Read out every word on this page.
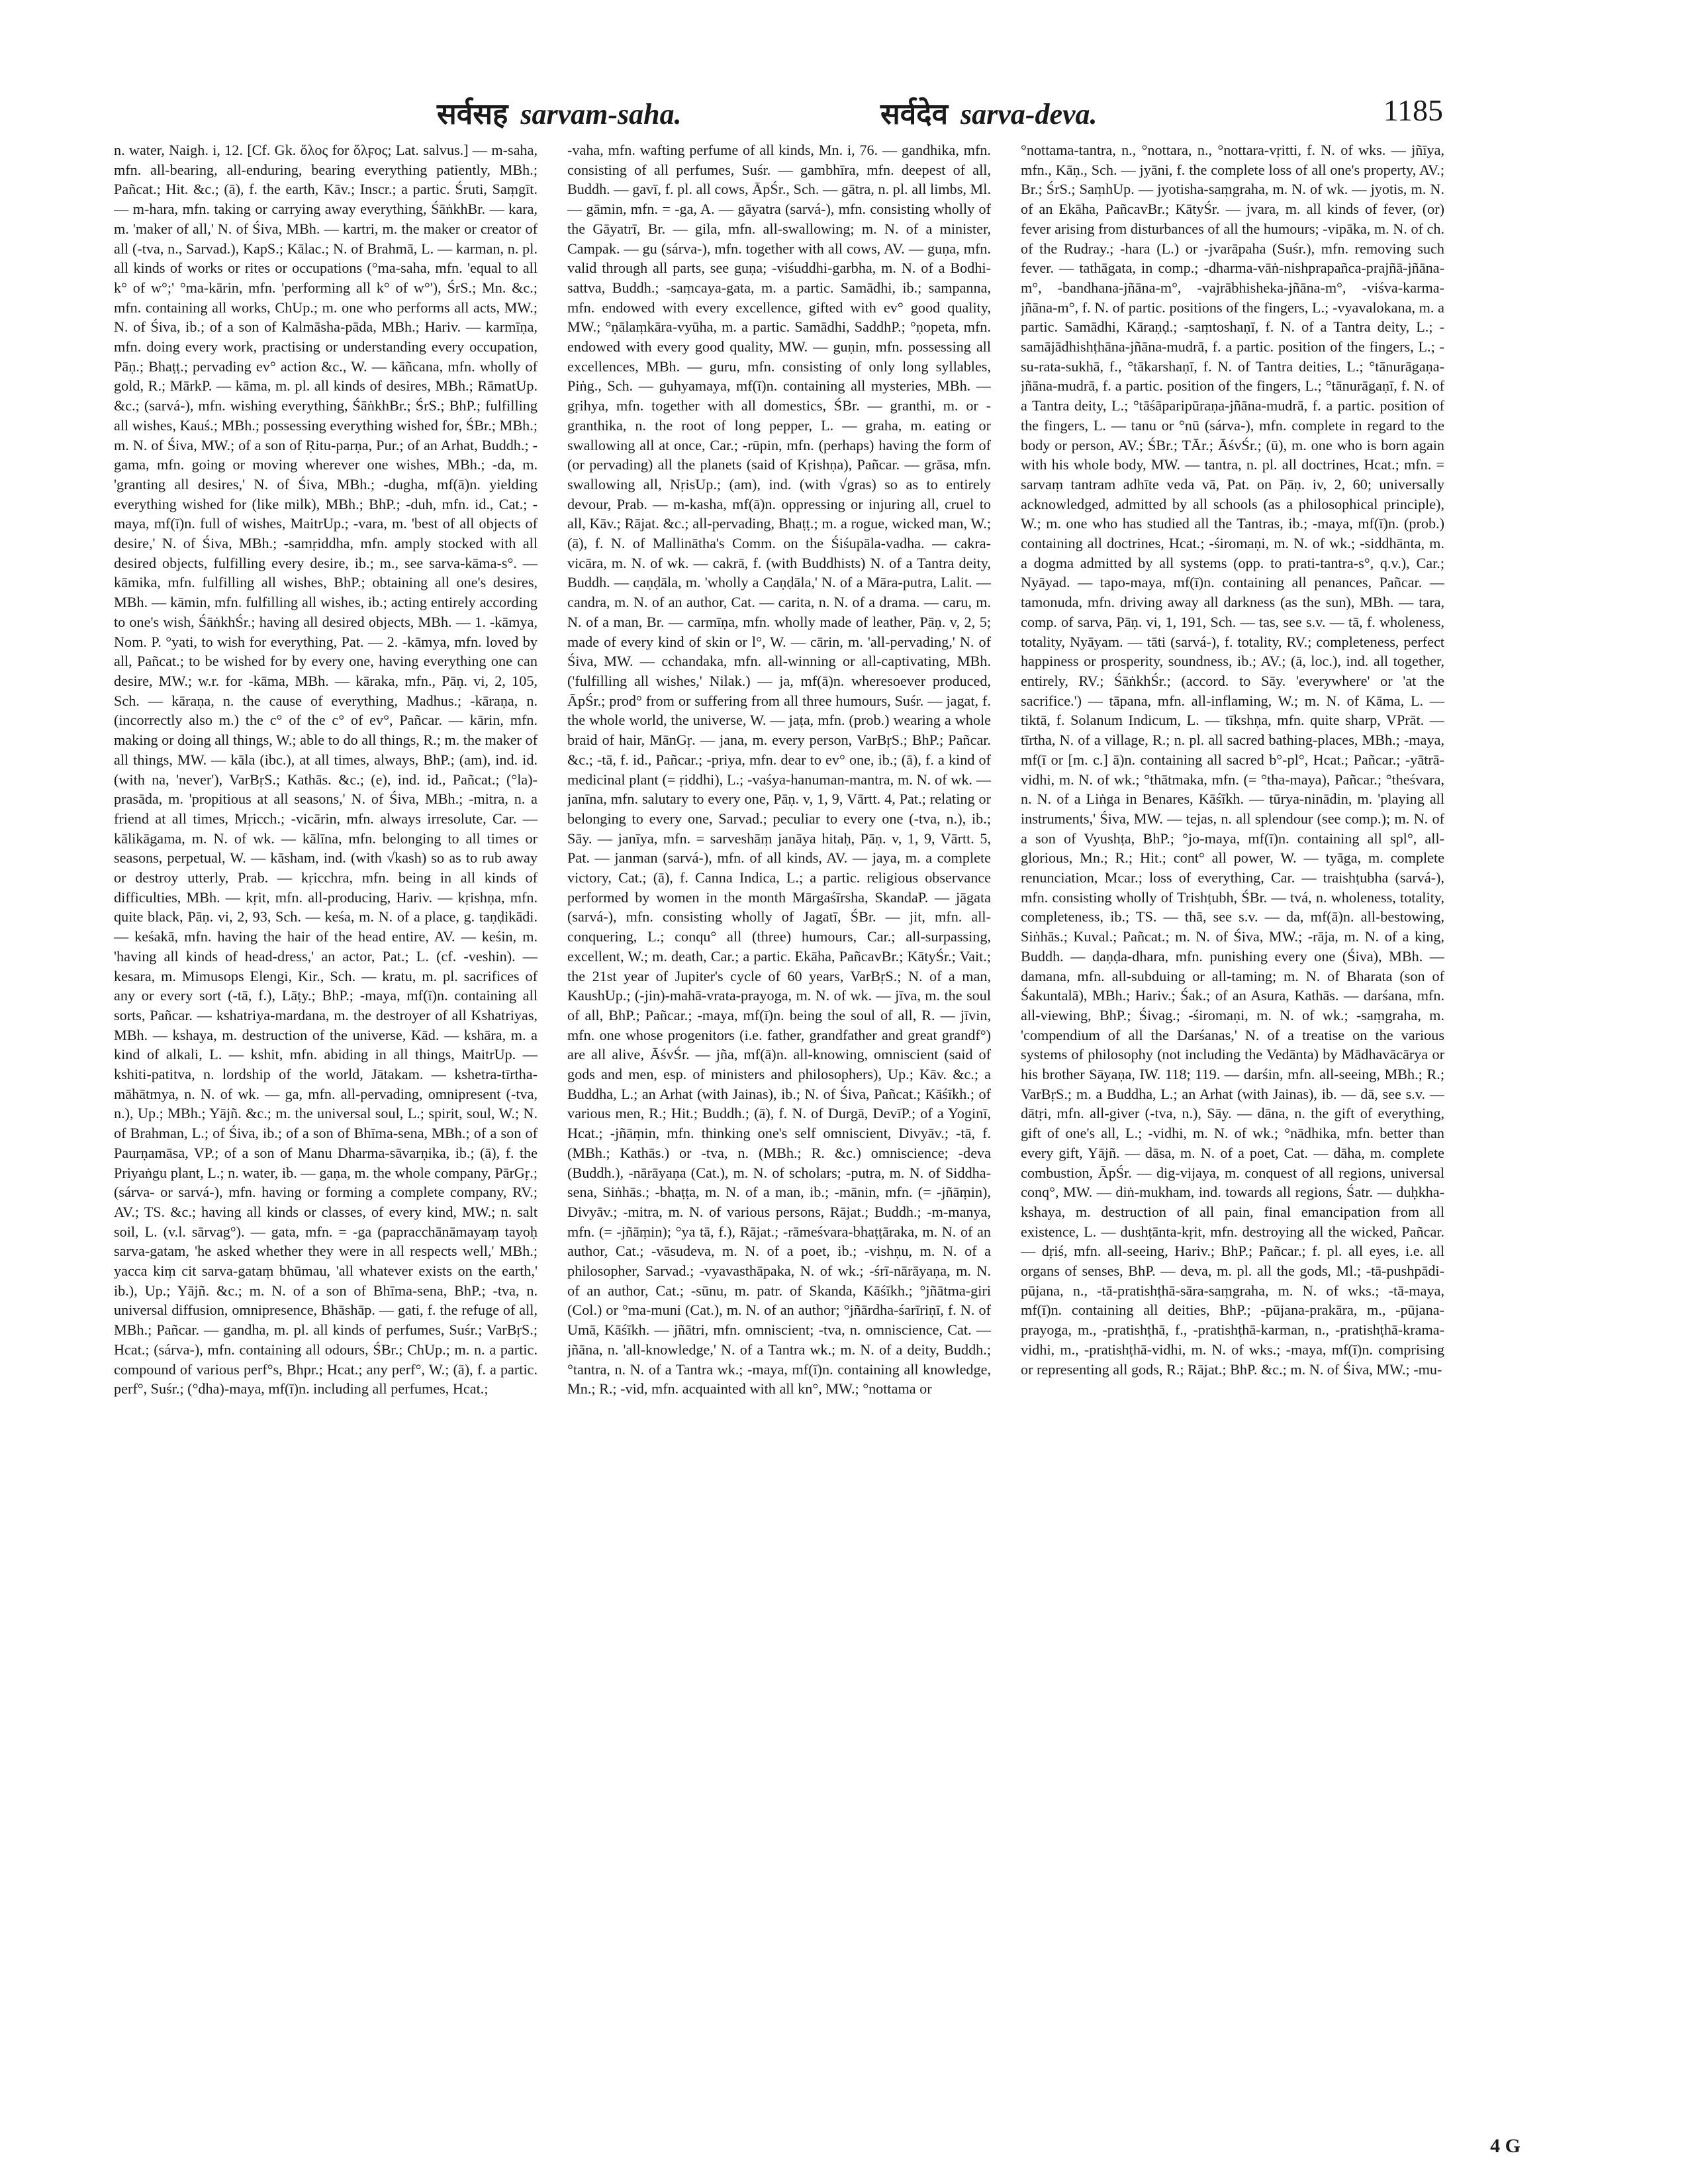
सर्वसह sarvam-saha.	सर्वदेव sarva-deva.	1185

n. water, Naigh. i, 12. [Cf. Gk. ὅλος for ὅλϝος; Lat. salvus.] — m-saha, mfn. all-bearing, all-enduring, bearing everything patiently, MBh.; Pañcat.; Hit. &c.; (ā), f. the earth, Kāv.; Inscr.; a partic. Śruti, Saṃgīt. — m-hara, mfn. taking or carrying away everything, ŚāṅkhBr. — kara, m. 'maker of all,' N. of Śiva, MBh. — kartri, m. the maker or creator of all (-tva, n., Sarvad.), KapS.; Kālac.; N. of Brahmā, L. — karman, n. pl. all kinds of works or rites or occupations (°ma-saha, mfn. 'equal to all k° of w°;' °ma-kārin, mfn. 'performing all k° of w°'), ŚrS.; Mn. &c.; mfn. containing all works, ChUp.; m. one who performs all acts, MW.; N. of Śiva, ib.; of a son of Kalmāsha-pāda, MBh.; Hariv. — karmīṇa, mfn. doing every work, practising or understanding every occupation, Pāṇ.; Bhaṭṭ.; pervading ev° action &c., W. — kāñcana, mfn. wholly of gold, R.; MārkP. — kāma, m. pl. all kinds of desires, MBh.; RāmatUp. &c.; (sarvá-), mfn. wishing everything, ŚāṅkhBr.; ŚrS.; BhP.; fulfilling all wishes, Kauś.; MBh.; possessing everything wished for, ŚBr.; MBh.; m. N. of Śiva, MW.; of a son of Ṛitu-parṇa, Pur.; of an Arhat, Buddh.; -gama, mfn. going or moving wherever one wishes, MBh.; -da, m. 'granting all desires,' N. of Śiva, MBh.; -dugha, mf(ā)n. yielding everything wished for (like milk), MBh.; BhP.; -duh, mfn. id., Cat.; -maya, mf(ī)n. full of wishes, MaitrUp.; -vara, m. 'best of all objects of desire,' N. of Śiva, MBh.; -samṛiddha, mfn. amply stocked with all desired objects, fulfilling every desire, ib.; m., see sarva-kāma-s°. — kāmika, mfn. fulfilling all wishes, BhP.; obtaining all one's desires, MBh. — kāmin, mfn. fulfilling all wishes, ib.; acting entirely according to one's wish, ŚāṅkhŚr.; having all desired objects, MBh. — 1. -kāmya, Nom. P. °yati, to wish for everything, Pat. — 2. -kāmya, mfn. loved by all, Pañcat.; to be wished for by every one, having everything one can desire, MW.; w.r. for -kāma, MBh. — kāraka, mfn., Pāṇ. vi, 2, 105, Sch. — kāraṇa, n. the cause of everything, Madhus.; -kāraṇa, n. (incorrectly also m.) the c° of the c° of ev°, Pañcar. — kārin, mfn. making or doing all things, W.; able to do all things, R.; m. the maker of all things, MW. — kāla (ibc.), at all times, always, BhP.; (am), ind. id. (with na, 'never'), VarBṛS.; Kathās. &c.; (e), ind. id., Pañcat.; (°la)-prasāda, m. 'propitious at all seasons,' N. of Śiva, MBh.; -mitra, n. a friend at all times, Mṛicch.; -vicārin, mfn. always irresolute, Car. — kālikāgama, m. N. of wk. — kālīna, mfn. belonging to all times or seasons, perpetual, W. — kāsham, ind. (with √kash) so as to rub away or destroy utterly, Prab. — kṛicchra, mfn. being in all kinds of difficulties, MBh. — kṛit, mfn. all-producing, Hariv. — kṛishṇa, mfn. quite black, Pāṇ. vi, 2, 93, Sch. — keśa, m. N. of a place, g. taṇḍikādi. — keśakā, mfn. having the hair of the head entire, AV. — keśin, m. 'having all kinds of head-dress,' an actor, Pat.; L. (cf. -veshin). — kesara, m. Mimusops Elengi, Kir., Sch. — kratu, m. pl. sacrifices of any or every sort (-tā, f.), Lāṭy.; BhP.; -maya, mf(ī)n. containing all sorts, Pañcar. — kshatriya-mardana, m. the destroyer of all Kshatriyas, MBh. — kshaya, m. destruction of the universe, Kād. — kshāra, m. a kind of alkali, L. — kshit, mfn. abiding in all things, MaitrUp. — kshiti-patitva, n. lordship of the world, Jātakam. — kshetra-tīrtha-māhātmya, n. N. of wk. — ga, mfn. all-pervading, omnipresent (-tva, n.), Up.; MBh.; Yājñ. &c.; m. the universal soul, L.; spirit, soul, W.; N. of Brahman, L.; of Śiva, ib.; of a son of Bhīma-sena, MBh.; of a son of Paurṇamāsa, VP.; of a son of Manu Dharma-sāvarṇika, ib.; (ā), f. the Priyaṅgu plant, L.; n. water, ib. — gaṇa, m. the whole company, PārGṛ.; (sárva- or sarvá-), mfn. having or forming a complete company, RV.; AV.; TS. &c.; having all kinds or classes, of every kind, MW.; n. salt soil, L. (v.l. sārvag°). — gata, mfn. = -ga (papracchānāmayaṃ tayoḥ sarva-gatam, 'he asked whether they were in all respects well,' MBh.; yacca kiṃ cit sarva-gataṃ bhūmau, 'all whatever exists on the earth,' ib.), Up.; Yājñ. &c.; m. N. of a son of Bhīma-sena, BhP.; -tva, n. universal diffusion, omnipresence, Bhāshāp. — gati, f. the refuge of all, MBh.; Pañcar. — gandha, m. pl. all kinds of perfumes, Suśr.; VarBṛS.; Hcat.; (sárva-), mfn. containing all odours, ŚBr.; ChUp.; m. n. a partic. compound of various perf°s, Bhpr.; Hcat.; any perf°, W.; (ā), f. a partic. perf°, Suśr.; (°dha)-maya, mf(ī)n. including all perfumes, Hcat.;

-vaha, mfn. wafting perfume of all kinds, Mn. i, 76. — gandhika, mfn. consisting of all perfumes, Suśr. — gambhīra, mfn. deepest of all, Buddh. — gavī, f. pl. all cows, ĀpŚr., Sch. — gātra, n. pl. all limbs, Ml. — gāmin, mfn. = -ga, A. — gāyatra (sarvá-), mfn. consisting wholly of the Gāyatrī, Br. — gila, mfn. all-swallowing; m. N. of a minister, Campak. — gu (sárva-), mfn. together with all cows, AV. — guṇa, mfn. valid through all parts, see guṇa; -viśuddhi-garbha, m. N. of a Bodhi-sattva, Buddh.; -saṃcaya-gata, m. a partic. Samādhi, ib.; sampanna, mfn. endowed with every excellence, gifted with ev° good quality, MW.; °ṇālaṃkāra-vyūha, m. a partic. Samādhi, SaddhP.; °ṇopeta, mfn. endowed with every good quality, MW. — guṇin, mfn. possessing all excellences, MBh. — guru, mfn. consisting of only long syllables, Piṅg., Sch. — guhyamaya, mf(ī)n. containing all mysteries, MBh. — gṛihya, mfn. together with all domestics, ŚBr. — granthi, m. or -granthika, n. the root of long pepper, L. — graha, m. eating or swallowing all at once, Car.; -rūpin, mfn. (perhaps) having the form of (or pervading) all the planets (said of Kṛishṇa), Pañcar. — grāsa, mfn. swallowing all, NṛisUp.; (am), ind. (with √gras) so as to entirely devour, Prab. — m-kasha, mf(ā)n. oppressing or injuring all, cruel to all, Kāv.; Rājat. &c.; all-pervading, Bhaṭṭ.; m. a rogue, wicked man, W.; (ā), f. N. of Mallinātha's Comm. on the Śiśupāla-vadha. — cakra-vicāra, m. N. of wk. — cakrā, f. (with Buddhists) N. of a Tantra deity, Buddh. — caṇḍāla, m. 'wholly a Caṇḍāla,' N. of a Māra-putra, Lalit. — candra, m. N. of an author, Cat. — carita, n. N. of a drama. — caru, m. N. of a man, Br. — carmīṇa, mfn. wholly made of leather, Pāṇ. v, 2, 5; made of every kind of skin or l°, W. — cārin, m. 'all-pervading,' N. of Śiva, MW. — cchandaka, mfn. all-winning or all-captivating, MBh. ('fulfilling all wishes,' Nilak.) — ja, mf(ā)n. wheresoever produced, ĀpŚr.; prod° from or suffering from all three humours, Suśr. — jagat, f. the whole world, the universe, W. — jaṭa, mfn. (prob.) wearing a whole braid of hair, MānGṛ. — jana, m. every person, VarBṛS.; BhP.; Pañcar. &c.; -tā, f. id., Pañcar.; -priya, mfn. dear to ev° one, ib.; (ā), f. a kind of medicinal plant (= ṛiddhi), L.; -vaśya-hanuman-mantra, m. N. of wk. — janīna, mfn. salutary to every one, Pāṇ. v, 1, 9, Vārtt. 4, Pat.; relating or belonging to every one, Sarvad.; peculiar to every one (-tva, n.), ib.; Sāy. — janīya, mfn. = sarveshāṃ janāya hitaḥ, Pāṇ. v, 1, 9, Vārtt. 5, Pat. — janman (sarvá-), mfn. of all kinds, AV. — jaya, m. a complete victory, Cat.; (ā), f. Canna Indica, L.; a partic. religious observance performed by women in the month Mārgaśīrsha, SkandaP. — jāgata (sarvá-), mfn. consisting wholly of Jagatī, ŚBr. — jit, mfn. all-conquering, L.; conqu° all (three) humours, Car.; all-surpassing, excellent, W.; m. death, Car.; a partic. Ekāha, PañcavBr.; KātyŚr.; Vait.; the 21st year of Jupiter's cycle of 60 years, VarBṛS.; N. of a man, KaushUp.; (-jin)-mahā-vrata-prayoga, m. N. of wk. — jīva, m. the soul of all, BhP.; Pañcar.; -maya, mf(ī)n. being the soul of all, R. — jīvin, mfn. one whose progenitors (i.e. father, grandfather and great grandf°) are all alive, ĀśvŚr. — jña, mf(ā)n. all-knowing, omniscient (said of gods and men, esp. of ministers and philosophers), Up.; Kāv. &c.; a Buddha, L.; an Arhat (with Jainas), ib.; N. of Śiva, Pañcat.; Kāśīkh.; of various men, R.; Hit.; Buddh.; (ā), f. N. of Durgā, DevīP.; of a Yoginī, Hcat.; -jñāṃin, mfn. thinking one's self omniscient, Divyāv.; -tā, f. (MBh.; Kathās.) or -tva, n. (MBh.; R. &c.) omniscience; -deva (Buddh.), -nārāyaṇa (Cat.), m. N. of scholars; -putra, m. N. of Siddha-sena, Siṅhās.; -bhaṭṭa, m. N. of a man, ib.; -mānin, mfn. (= -jñāṃin), Divyāv.; -mitra, m. N. of various persons, Rājat.; Buddh.; -m-manya, mfn. (= -jñāṃin); °ya tā, f.), Rājat.; -rāmeśvara-bhaṭṭāraka, m. N. of an author, Cat.; -vāsudeva, m. N. of a poet, ib.; -vishṇu, m. N. of a philosopher, Sarvad.; -vyavasthāpaka, N. of wk.; -śrī-nārāyaṇa, m. N. of an author, Cat.; -sūnu, m. patr. of Skanda, Kāśīkh.; °jñātma-giri (Col.) or °ma-muni (Cat.), m. N. of an author; °jñārdha-śarīriṇī, f. N. of Umā, Kāśīkh. — jñātri, mfn. omniscient; -tva, n. omniscience, Cat. — jñāna, n. 'all-knowledge,' N. of a Tantra wk.; m. N. of a deity, Buddh.; °tantra, n. N. of a Tantra wk.; -maya, mf(ī)n. containing all knowledge, Mn.; R.; -vid, mfn. acquainted with all kn°, MW.; °nottama or

°nottama-tantra, n., °nottara, n., °nottara-vṛitti, f. N. of wks. — jñīya, mfn., Kāṇ., Sch. — jyāni, f. the complete loss of all one's property, AV.; Br.; ŚrS.; SaṃhUp. — jyotisha-saṃgraha, m. N. of wk. — jyotis, m. N. of an Ekāha, PañcavBr.; KātyŚr. — jvara, m. all kinds of fever, (or) fever arising from disturbances of all the humours; -vipāka, m. N. of ch. of the Rudray.; -hara (L.) or -jvarāpaha (Suśr.), mfn. removing such fever. — tathāgata, in comp.; -dharma-vāṅ-nishprapañca-prajñā-jñāna-m°, -bandhana-jñāna-m°, -vajrābhisheka-jñāna-m°, -viśva-karma-jñāna-m°, f. N. of partic. positions of the fingers, L.; -vyavalokana, m. a partic. Samādhi, Kāraṇḍ.; -saṃtoshaṇī, f. N. of a Tantra deity, L.; -samājādhishṭhāna-jñāna-mudrā, f. a partic. position of the fingers, L.; -su-rata-sukhā, f., °tākarshaṇī, f. N. of Tantra deities, L.; °tānurāgaṇa-jñāna-mudrā, f. a partic. position of the fingers, L.; °tānurāgaṇī, f. N. of a Tantra deity, L.; °tāśāparipūraṇa-jñāna-mudrā, f. a partic. position of the fingers, L. — tanu or °nū (sárva-), mfn. complete in regard to the body or person, AV.; ŚBr.; TĀr.; ĀśvŚr.; (ū), m. one who is born again with his whole body, MW. — tantra, n. pl. all doctrines, Hcat.; mfn. = sarvaṃ tantram adhīte veda vā, Pat. on Pāṇ. iv, 2, 60; universally acknowledged, admitted by all schools (as a philosophical principle), W.; m. one who has studied all the Tantras, ib.; -maya, mf(ī)n. (prob.) containing all doctrines, Hcat.; -śiromaṇi, m. N. of wk.; -siddhānta, m. a dogma admitted by all systems (opp. to prati-tantra-s°, q.v.), Car.; Nyāyad. — tapo-maya, mf(ī)n. containing all penances, Pañcar. — tamonuda, mfn. driving away all darkness (as the sun), MBh. — tara, comp. of sarva, Pāṇ. vi, 1, 191, Sch. — tas, see s.v. — tā, f. wholeness, totality, Nyāyam. — tāti (sarvá-), f. totality, RV.; completeness, perfect happiness or prosperity, soundness, ib.; AV.; (ā, loc.), ind. all together, entirely, RV.; ŚāṅkhŚr.; (accord. to Sāy. 'everywhere' or 'at the sacrifice.') — tāpana, mfn. all-inflaming, W.; m. N. of Kāma, L. — tiktā, f. Solanum Indicum, L. — tīkshṇa, mfn. quite sharp, VPrāt. — tīrtha, N. of a village, R.; n. pl. all sacred bathing-places, MBh.; -maya, mf(ī or [m. c.] ā)n. containing all sacred b°-pl°, Hcat.; Pañcar.; -yātrā-vidhi, m. N. of wk.; °thātmaka, mfn. (= °tha-maya), Pañcar.; °theśvara, n. N. of a Liṅga in Benares, Kāśīkh. — tūrya-ninādin, m. 'playing all instruments,' Śiva, MW. — tejas, n. all splendour (see comp.); m. N. of a son of Vyushṭa, BhP.; °jo-maya, mf(ī)n. containing all spl°, all-glorious, Mn.; R.; Hit.; cont° all power, W. — tyāga, m. complete renunciation, Mcar.; loss of everything, Car. — traishṭubha (sarvá-), mfn. consisting wholly of Trishṭubh, ŚBr. — tvá, n. wholeness, totality, completeness, ib.; TS. — thā, see s.v. — da, mf(ā)n. all-bestowing, Siṅhās.; Kuval.; Pañcat.; m. N. of Śiva, MW.; -rāja, m. N. of a king, Buddh. — daṇḍa-dhara, mfn. punishing every one (Śiva), MBh. — damana, mfn. all-subduing or all-taming; m. N. of Bharata (son of Śakuntalā), MBh.; Hariv.; Śak.; of an Asura, Kathās. — darśana, mfn. all-viewing, BhP.; Śivag.; -śiromaṇi, m. N. of wk.; -saṃgraha, m. 'compendium of all the Darśanas,' N. of a treatise on the various systems of philosophy (not including the Vedānta) by Mādhavācārya or his brother Sāyaṇa, IW. 118; 119. — darśin, mfn. all-seeing, MBh.; R.; VarBṛS.; m. a Buddha, L.; an Arhat (with Jainas), ib. — dā, see s.v. — dātṛi, mfn. all-giver (-tva, n.), Sāy. — dāna, n. the gift of everything, gift of one's all, L.; -vidhi, m. N. of wk.; °nādhika, mfn. better than every gift, Yājñ. — dāsa, m. N. of a poet, Cat. — dāha, m. complete combustion, ĀpŚr. — dig-vijaya, m. conquest of all regions, universal conq°, MW. — diṅ-mukham, ind. towards all regions, Śatr. — duḥkha-kshaya, m. destruction of all pain, final emancipation from all existence, L. — dushṭānta-kṛit, mfn. destroying all the wicked, Pañcar. — dṛiś, mfn. all-seeing, Hariv.; BhP.; Pañcar.; f. pl. all eyes, i.e. all organs of senses, BhP. — deva, m. pl. all the gods, Ml.; -tā-pushpādi-pūjana, n., -tā-pratishṭhā-sāra-saṃgraha, m. N. of wks.; -tā-maya, mf(ī)n. containing all deities, BhP.; -pūjana-prakāra, m., -pūjana-prayoga, m., -pratishṭhā, f., -pratishṭhā-karman, n., -pratishṭhā-krama-vidhi, m., -pratishṭhā-vidhi, m. N. of wks.; -maya, mf(ī)n. comprising or representing all gods, R.; Rājat.; BhP. &c.; m. N. of Śiva, MW.; -mu-

4 G
